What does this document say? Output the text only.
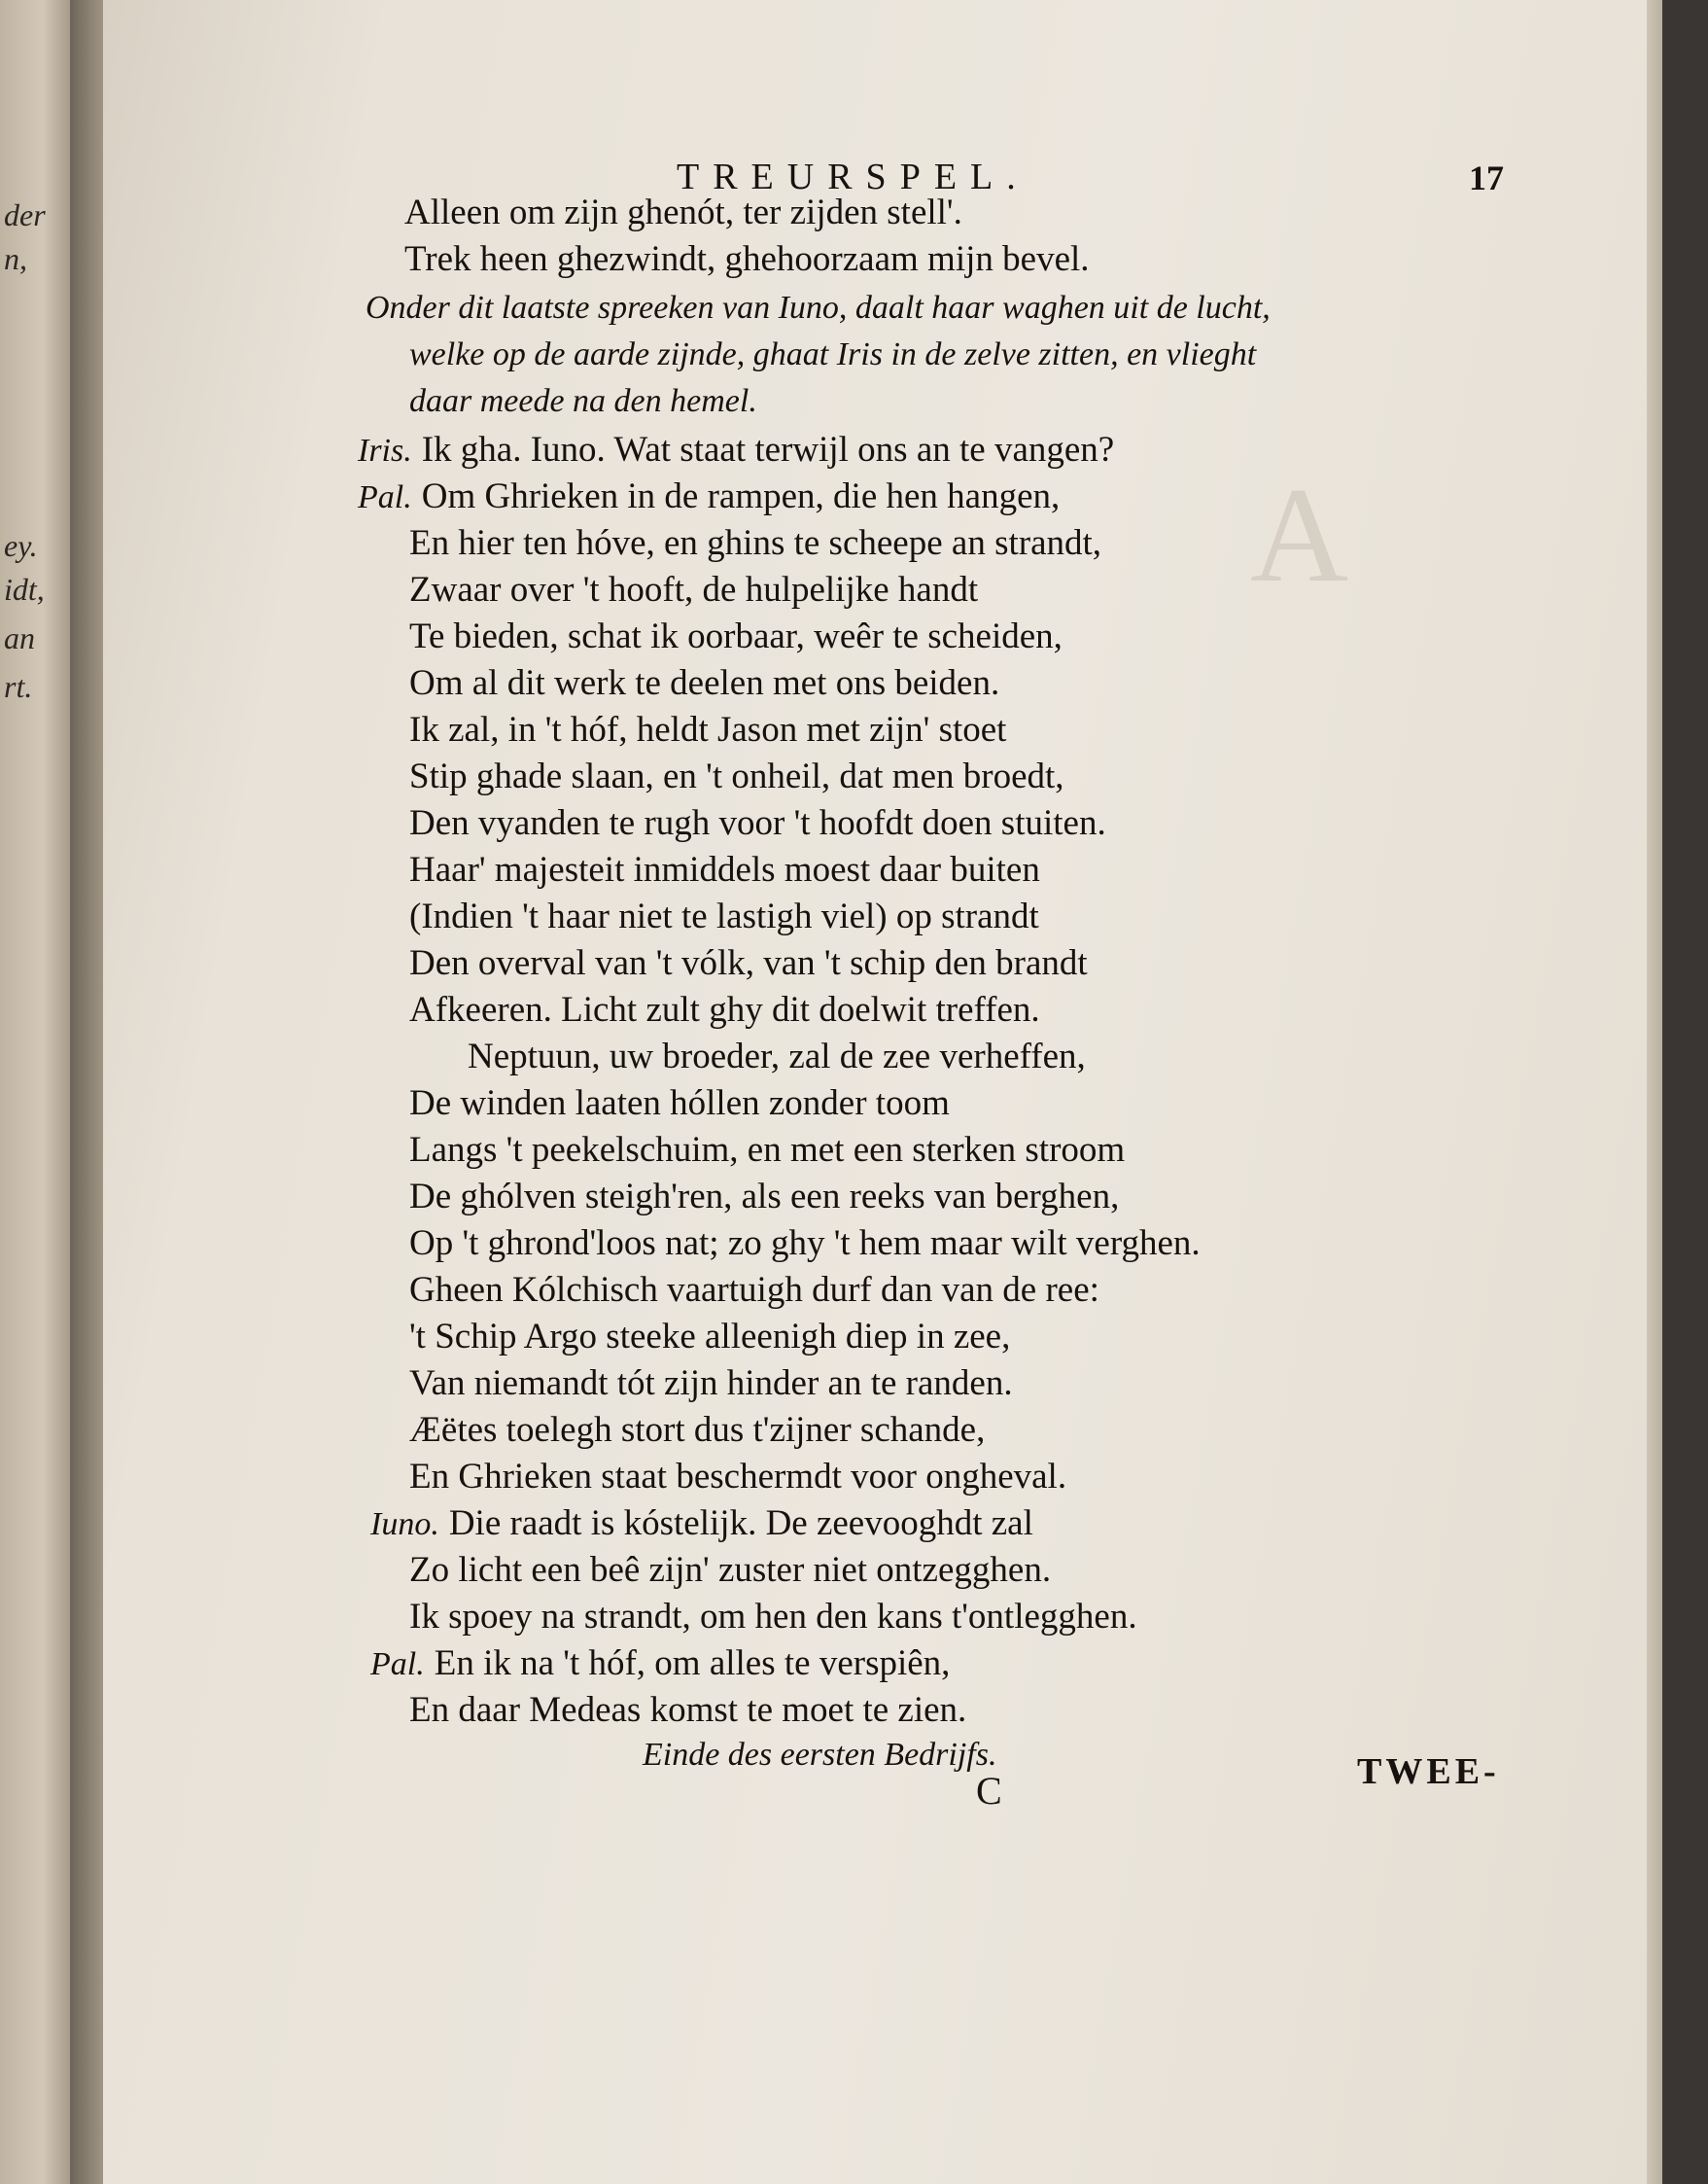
der
n,
ey.
idt,
an
rt.
A
TREURSPEL.	17
Alleen om zijn ghenót, ter zijden stell'.
Trek heen ghezwindt, ghehoorzaam mijn bevel.
Onder dit laatste spreeken van Iuno, daalt haar waghen uit de lucht,
welke op de aarde zijnde, ghaat Iris in de zelve zitten, en vlieght
daar meede na den hemel.
Iris. Ik gha. Iuno. Wat staat terwijl ons an te vangen?
Pal. Om Ghrieken in de rampen, die hen hangen,
En hier ten hóve, en ghins te scheepe an strandt,
Zwaar over 't hooft, de hulpelijke handt
Te bieden, schat ik oorbaar, weêr te scheiden,
Om al dit werk te deelen met ons beiden.
Ik zal, in 't hóf, heldt Jason met zijn' stoet
Stip ghade slaan, en 't onheil, dat men broedt,
Den vyanden te rugh voor 't hoofdt doen stuiten.
Haar' majesteit inmiddels moest daar buiten
(Indien 't haar niet te lastigh viel) op strandt
Den overval van 't vólk, van 't schip den brandt
Afkeeren. Licht zult ghy dit doelwit treffen.
Neptuun, uw broeder, zal de zee verheffen,
De winden laaten hóllen zonder toom
Langs 't peekelschuim, en met een sterken stroom
De ghólven steigh'ren, als een reeks van berghen,
Op 't ghrond'loos nat; zo ghy 't hem maar wilt verghen.
Gheen Kólchisch vaartuigh durf dan van de ree:
't Schip Argo steeke alleenigh diep in zee,
Van niemandt tót zijn hinder an te randen.
Æëtes toelegh stort dus t'zijner schande,
En Ghrieken staat beschermdt voor ongheval.
Iuno. Die raadt is kóstelijk. De zeevooghdt zal
Zo licht een beê zijn' zuster niet ontzegghen.
Ik spoey na strandt, om hen den kans t'ontlegghen.
Pal. En ik na 't hóf, om alles te verspiên,
En daar Medeas komst te moet te zien.
Einde des eersten Bedrijfs.
C	TWEE-
